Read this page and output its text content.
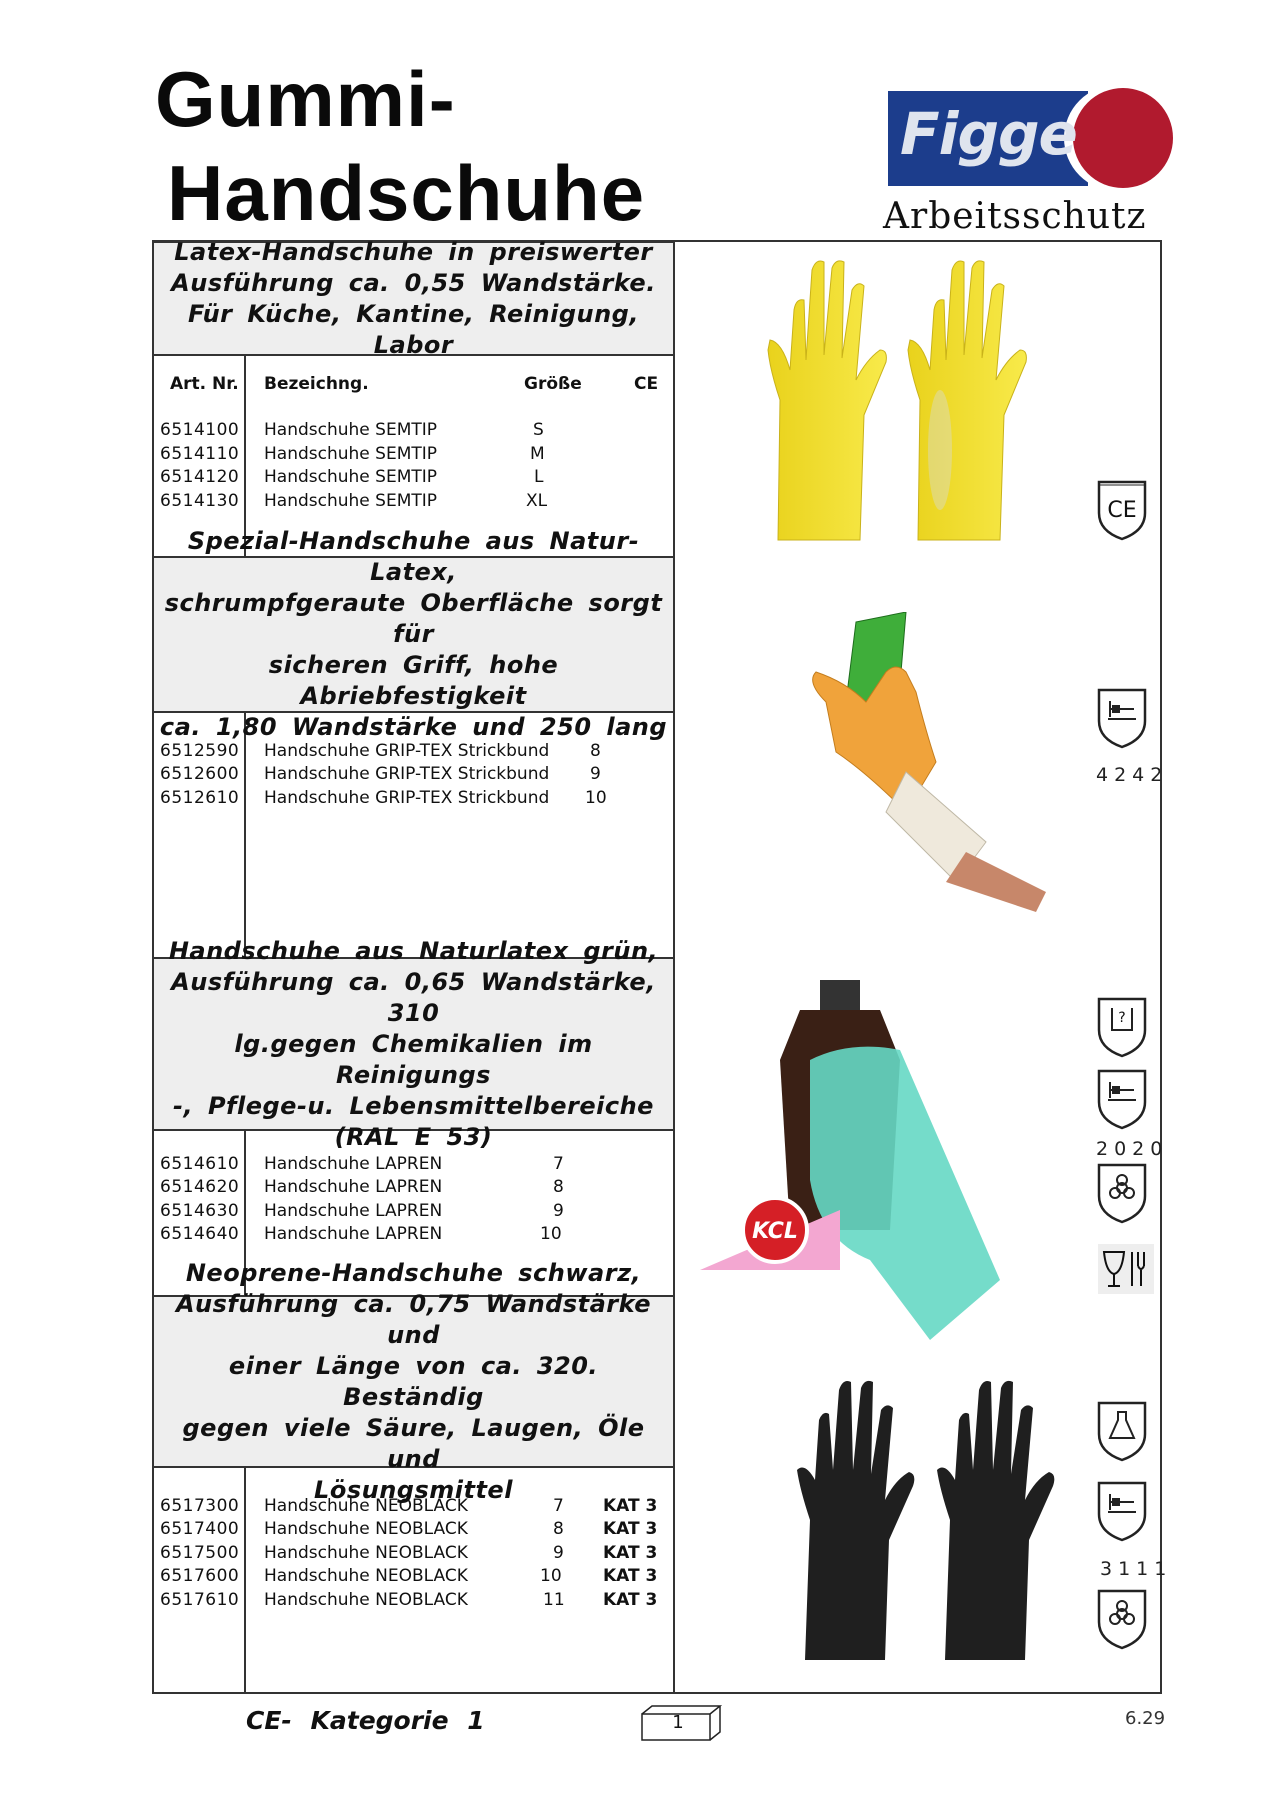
Gummi-
Handschuhe
Figge
Arbeitsschutz
Latex-Handschuhe in preiswerter
Ausführung ca. 0,55 Wandstärke.
Für Küche, Kantine, Reinigung, Labor
Art. Nr. Bezeichng.	Größe	CE
Spezial-Handschuhe aus Natur-Latex,
schrumpfgeraute Oberfläche sorgt für
sicheren Griff, hohe Abriebfestigkeit
ca. 1,80 Wandstärke und 250 lang
Handschuhe aus Naturlatex grün,
Ausführung ca. 0,65 Wandstärke, 310
lg.gegen Chemikalien im Reinigungs
-, Pflege-u. Lebensmittelbereiche
(RAL E 53)
Neoprene-Handschuhe schwarz,
Ausführung ca. 0,75 Wandstärke und
einer Länge von ca. 320. Beständig
gegen viele Säure, Laugen, Öle und
Lösungsmittel
6514100 Handschuhe SEMTIP	S
6514110 Handschuhe SEMTIP	M
6514120 Handschuhe SEMTIP	L
6514130 Handschuhe SEMTIP	XL
6512590 Handschuhe GRIP-TEX Strickbund 8
6512600 Handschuhe GRIP-TEX Strickbund 9
6512610 Handschuhe GRIP-TEX Strickbund 10
6514610 Handschuhe LAPREN	7
6514620 Handschuhe LAPREN	8
6514630 Handschuhe LAPREN	9
6514640 Handschuhe LAPREN	10
6517300 Handschuhe NEOBLACK	7 KAT 3
6517400 Handschuhe NEOBLACK	8 KAT 3
6517500 Handschuhe NEOBLACK	9 KAT 3
6517600 Handschuhe NEOBLACK	10 KAT 3
6517610 Handschuhe NEOBLACK	11 KAT 3
KCL
CE
4242
?
2020
3111
CE- Kategorie 1	1	6.29
